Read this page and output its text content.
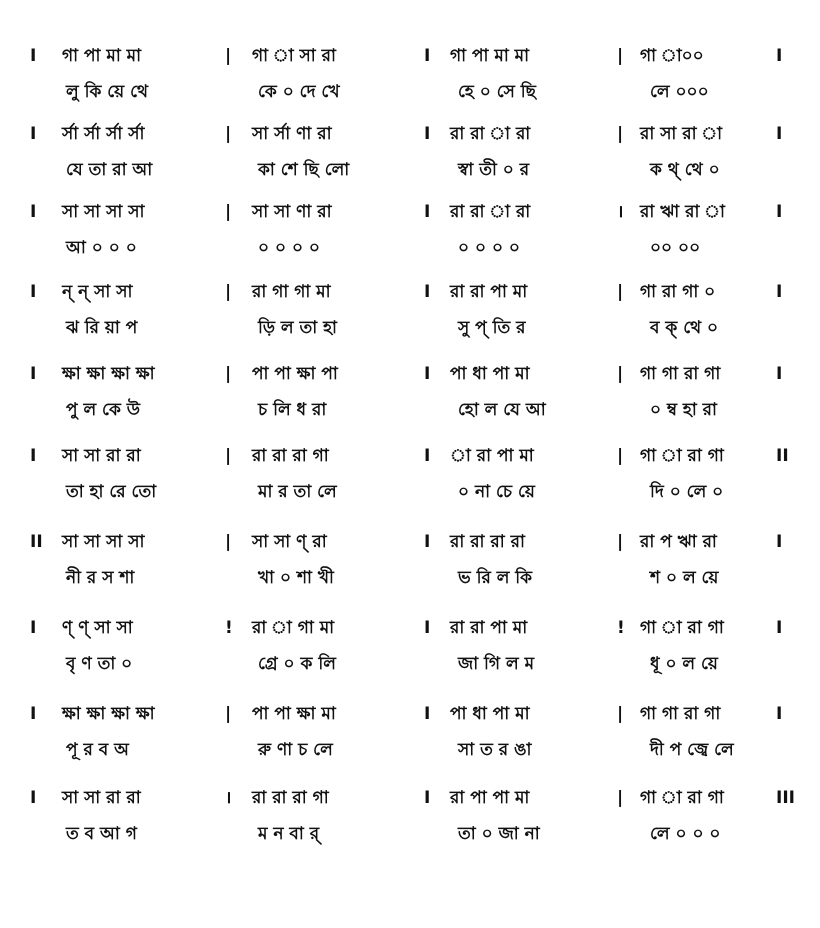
I গা পা মা মা	| গা া সা রা	I গা পা মা মা	| গা া০০	I
লু কি য়ে থে	কে ০ দে খে	হে ০ সে ছি	লে ০০০
I র্সা র্সা র্সা র্সা	| সা র্সা ণা রা	I রা রা া রা	| রা সা রা া	I
যে তা রা আ	কা শে ছি লো	স্বা তী ০ র	ক থ্ থে ০
I সা সা সা সা	| সা সা ণা রা	I রা রা া রা	। রা ঋা রা া	I
আ ০ ০ ০	০ ০ ০ ০	০ ০ ০ ০	০০ ০০
I ন্ ন্ সা সা	| রা গা গা মা	I রা রা পা মা	| গা রা গা ০	I
ঝ রি য়া প	ড়ি ল তা হা	সু প্ তি র	ব ক্ থে ০
I ক্ষা ক্ষা ক্ষা ক্ষা	| পা পা ক্ষা পা	I পা ধা পা মা	| গা গা রা গা	I
পু ল কে উ	চ লি ধ রা	হো ল যে আ	০ ম্ব হা রা
I সা সা রা রা	| রা রা রা গা	I া রা পা মা	| গা া রা গা	II
তা হা রে তো	মা র তা লে	০ না চে য়ে	দি ০ লে ০
II সা সা সা সা	| সা সা ণ্ রা	I রা রা রা রা	| রা প ঋা রা	I
নী র স শা	খা ০ শা খী	ভ রি ল কি	শ ০ ল য়ে
I ণ্ ণ্ সা সা	! রা া গা মা	I রা রা পা মা	! গা া রা গা	I
বৃ ণ তা ০	গ্রে ০ ক লি	জা গি ল ম	ধূ ০ ল য়ে
I ক্ষা ক্ষা ক্ষা ক্ষা	| পা পা ক্ষা মা	I পা ধা পা মা	| গা গা রা গা	I
পূ র ব অ	রু ণা চ লে	সা ত র ঙা	দী প জ্বে লে
I সা সা রা রা	। রা রা রা গা	I রা পা পা মা	| গা া রা গা	III
ত ব আ গ	ম ন বা র্	তা ০ জা না	লে ০ ০ ০
